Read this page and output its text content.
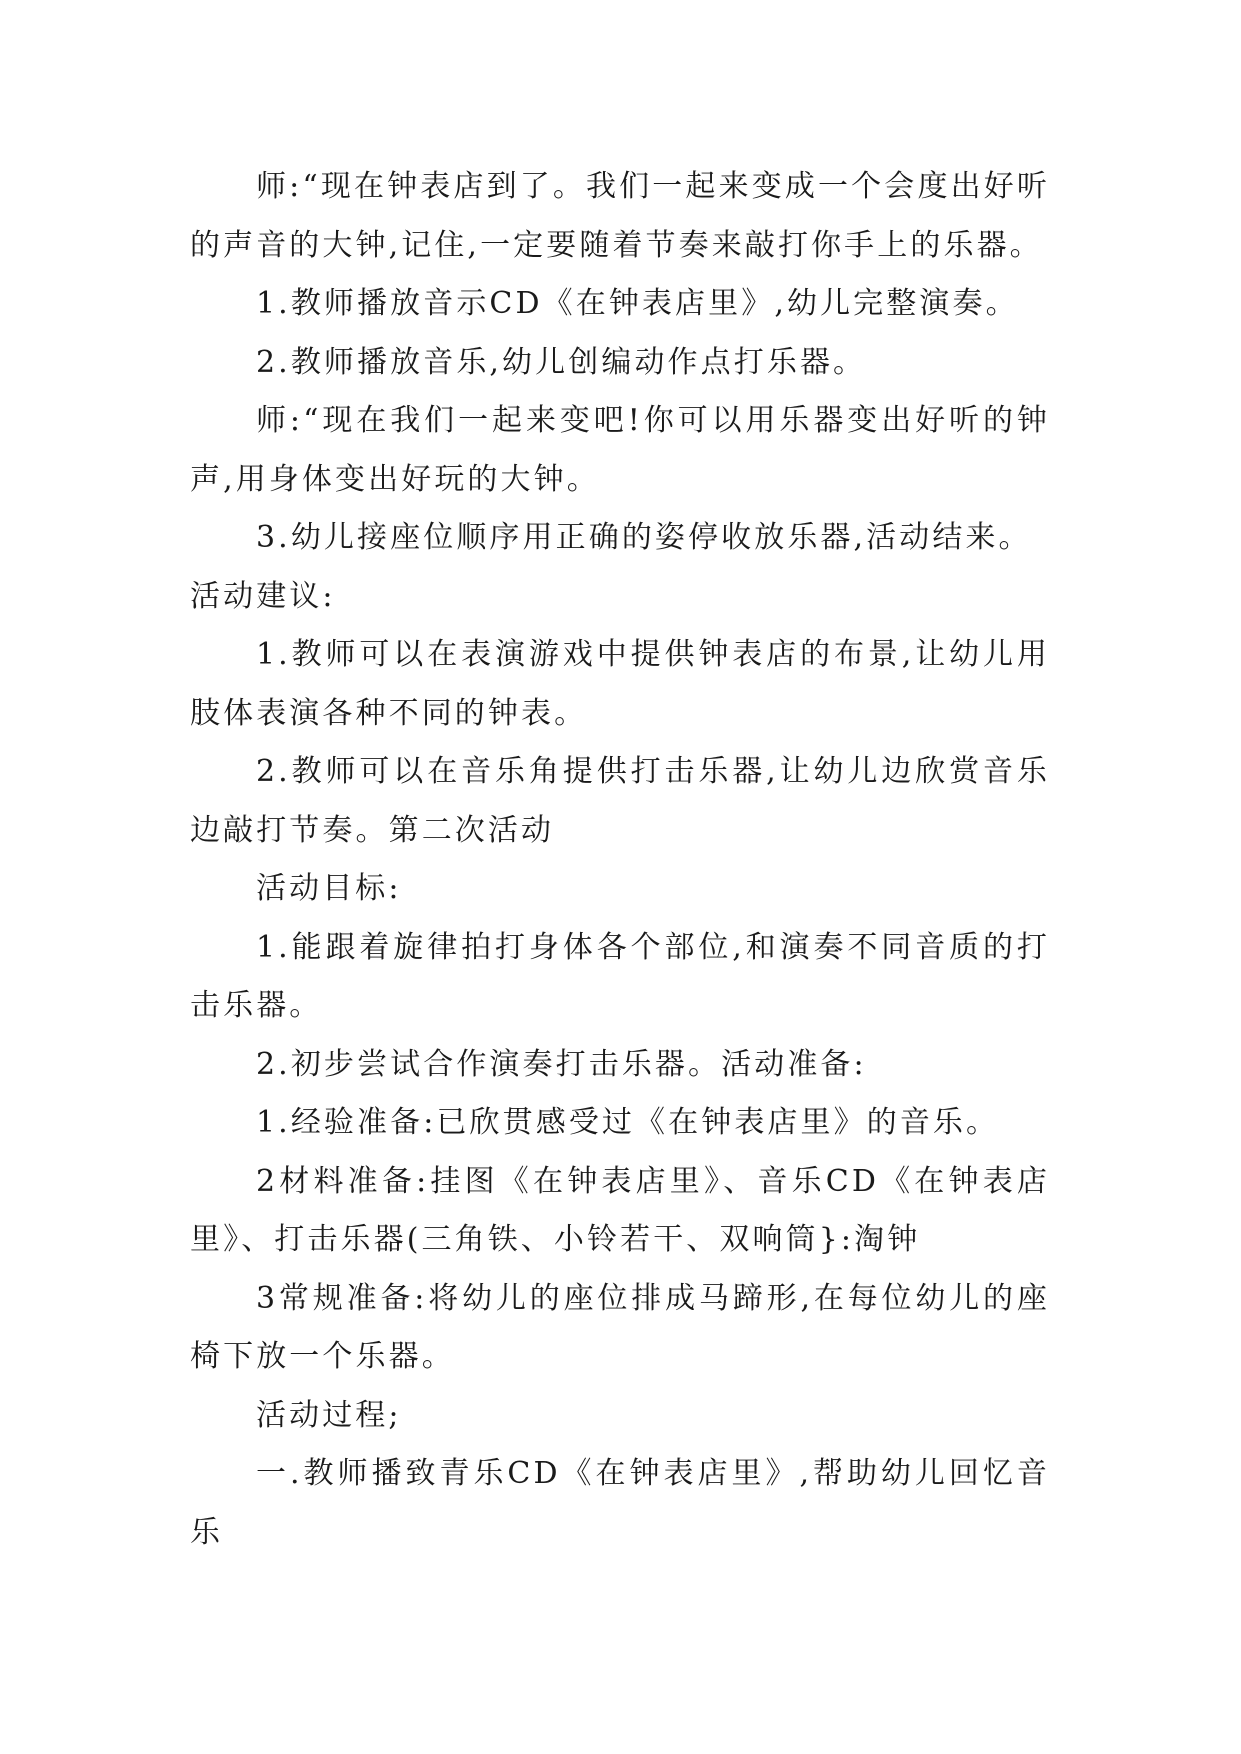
师:“现在钟表店到了。我们一起来变成一个会度出好听的声音的大钟,记住,一定要随着节奏来敲打你手上的乐器。

1.教师播放音示CD《在钟表店里》,幼儿完整演奏。

2.教师播放音乐,幼儿创编动作点打乐器。

师:“现在我们一起来变吧!你可以用乐器变出好听的钟声,用身体变出好玩的大钟。

3.幼儿接座位顺序用正确的姿停收放乐器,活动结来。

活动建议:

1.教师可以在表演游戏中提供钟表店的布景,让幼儿用肢体表演各种不同的钟表。

2.教师可以在音乐角提供打击乐器,让幼儿边欣赏音乐边敲打节奏。第二次活动

活动目标:

1.能跟着旋律拍打身体各个部位,和演奏不同音质的打击乐器。

2.初步尝试合作演奏打击乐器。活动准备:

1.经验准备:已欣贯感受过《在钟表店里》的音乐。

2材料准备:挂图《在钟表店里》、音乐CD《在钟表店里》、打击乐器(三角铁、小铃若干、双响筒}:淘钟

3常规准备:将幼儿的座位排成马蹄形,在每位幼儿的座椅下放一个乐器。

活动过程;

一.教师播致青乐CD《在钟表店里》,帮助幼儿回忆音乐
